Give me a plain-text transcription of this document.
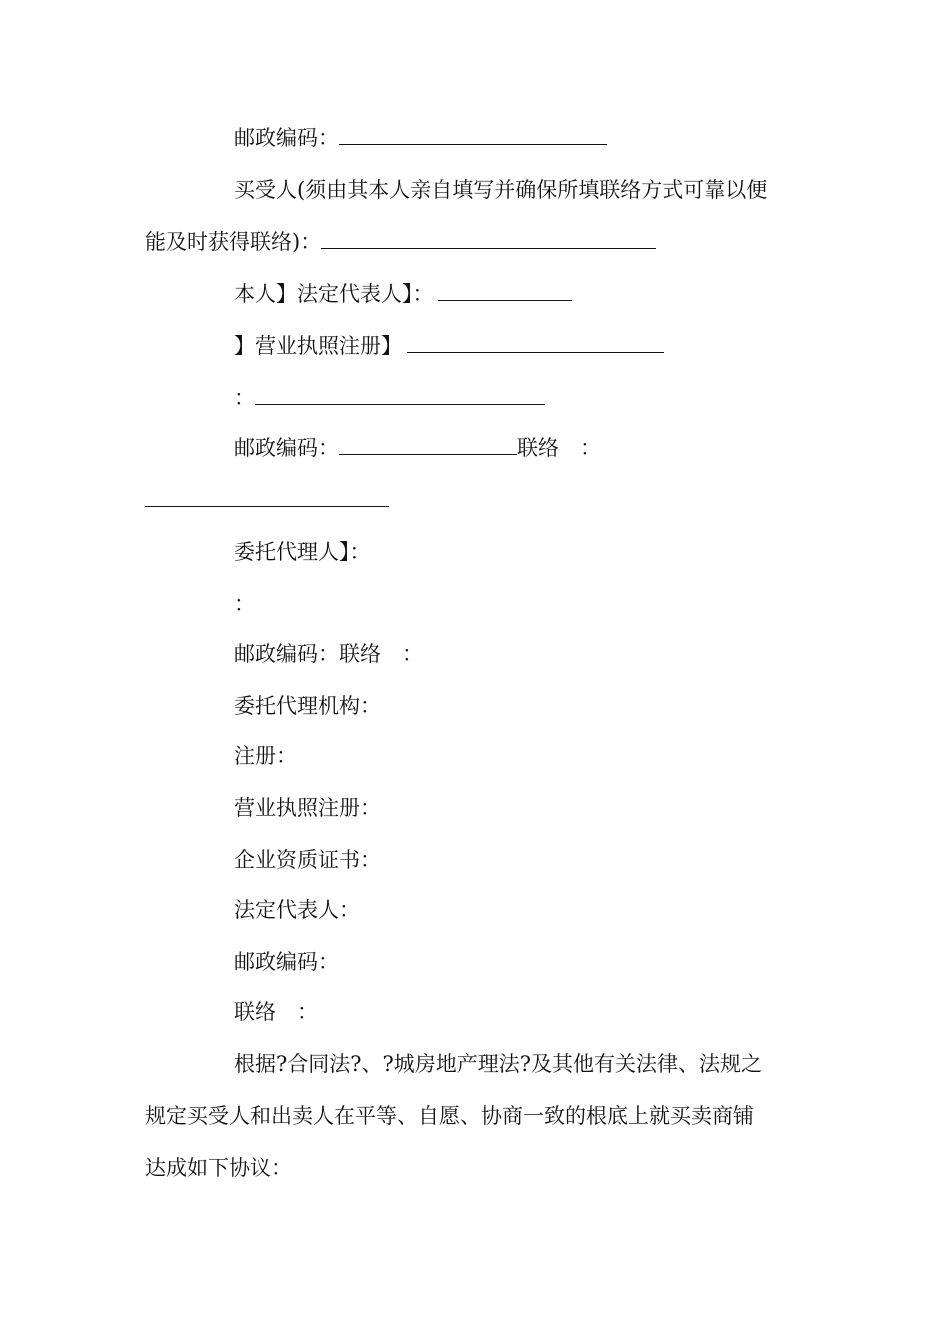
邮政编码：
买受人(须由其本人亲自填写并确保所填联络方式可靠以便
能及时获得联络)：
本人】法定代表人】：
】营业执照注册】
：
邮政编码：	联络　：
委托代理人】：
：
邮政编码：联络　：
委托代理机构：
注册：
营业执照注册：
企业资质证书：
法定代表人：
邮政编码：
联络　：
根据?合同法?、?城房地产理法?及其他有关法律、法规之
规定买受人和出卖人在平等、自愿、协商一致的根底上就买卖商铺
达成如下协议：
